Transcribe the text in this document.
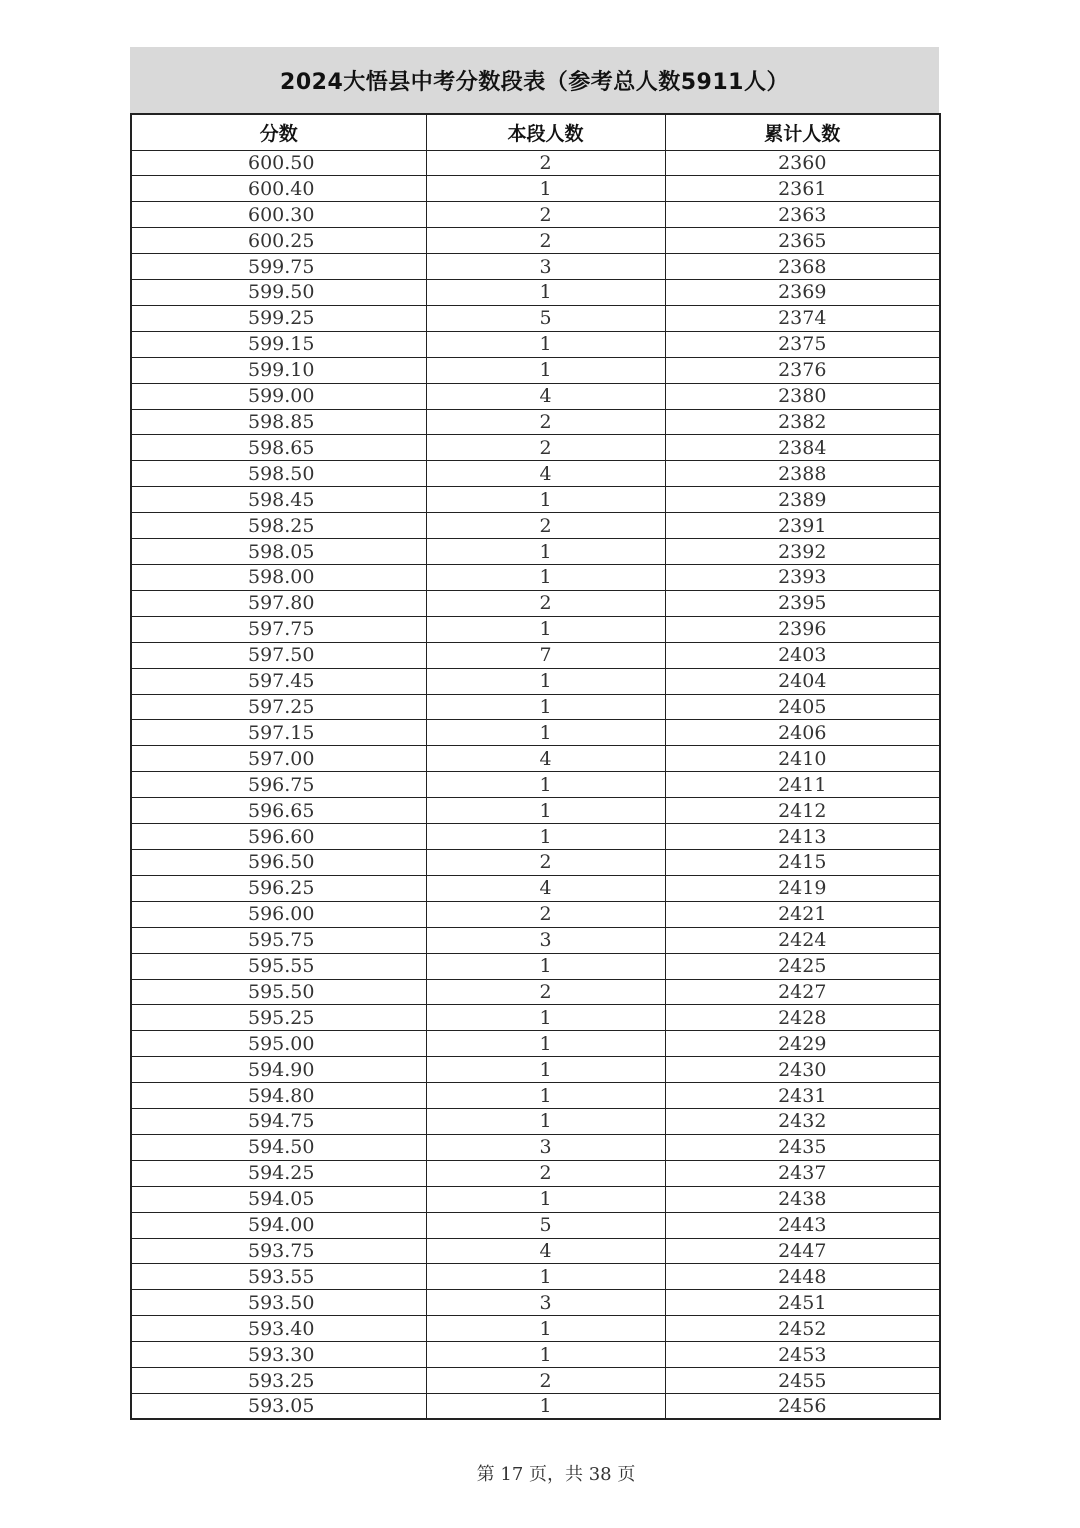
2024大悟县中考分数段表（参考总人数5911人）
分数	本段人数	累计人数
600.50	2	2360
600.40	1	2361
600.30	2	2363
600.25	2	2365
599.75	3	2368
599.50	1	2369
599.25	5	2374
599.15	1	2375
599.10	1	2376
599.00	4	2380
598.85	2	2382
598.65	2	2384
598.50	4	2388
598.45	1	2389
598.25	2	2391
598.05	1	2392
598.00	1	2393
597.80	2	2395
597.75	1	2396
597.50	7	2403
597.45	1	2404
597.25	1	2405
597.15	1	2406
597.00	4	2410
596.75	1	2411
596.65	1	2412
596.60	1	2413
596.50	2	2415
596.25	4	2419
596.00	2	2421
595.75	3	2424
595.55	1	2425
595.50	2	2427
595.25	1	2428
595.00	1	2429
594.90	1	2430
594.80	1	2431
594.75	1	2432
594.50	3	2435
594.25	2	2437
594.05	1	2438
594.00	5	2443
593.75	4	2447
593.55	1	2448
593.50	3	2451
593.40	1	2452
593.30	1	2453
593.25	2	2455
593.05	1	2456
第 17 页，共 38 页
